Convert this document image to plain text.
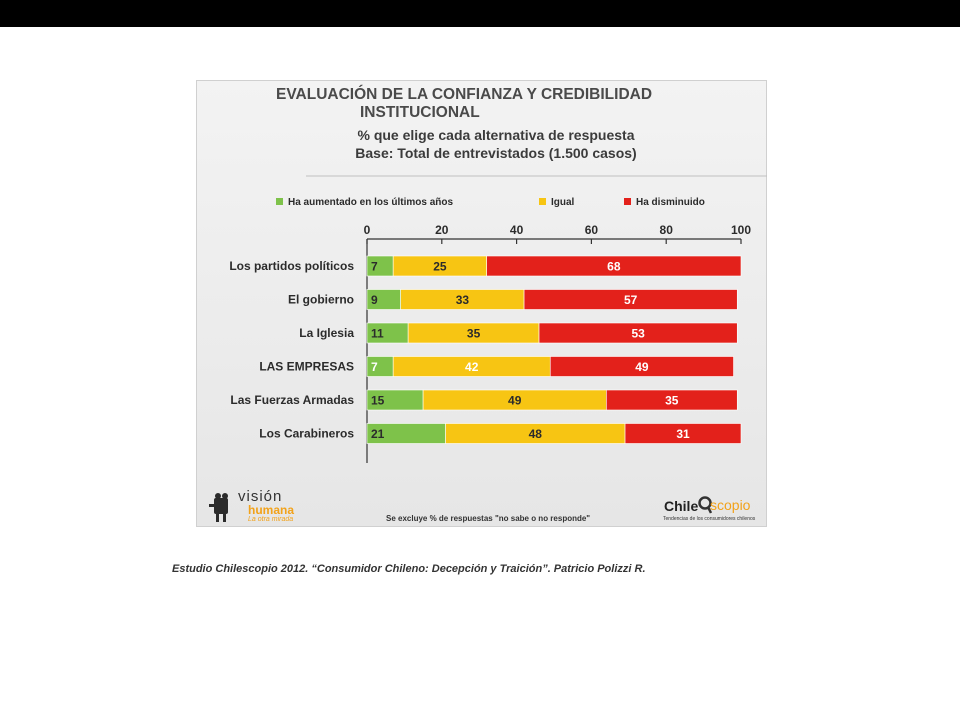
EVALUACIÓN DE LA CONFIANZA Y CREDIBILIDAD
INSTITUCIONAL
% que elige cada alternativa de respuesta
Base: Total de entrevistados (1.500 casos)
Ha aumentado en los últimos años	Igual	Ha disminuido
0	20	40	60	80	100
Los partidos políticos 7	25	68
El gobierno 9	33	57
La Iglesia 11	35	53
LAS EMPRESAS 7	42	49
Las Fuerzas Armadas 15	49	35
Los Carabineros 21	48	31
visión
humana
La otra mirada	Se excluye % de respuestas "no sabe o no responde"
Chile scopio
Tendencias de los consumidores chilenos
Estudio Chilescopio 2012. “Consumidor Chileno: Decepción y Traición”. Patricio Polizzi R.
